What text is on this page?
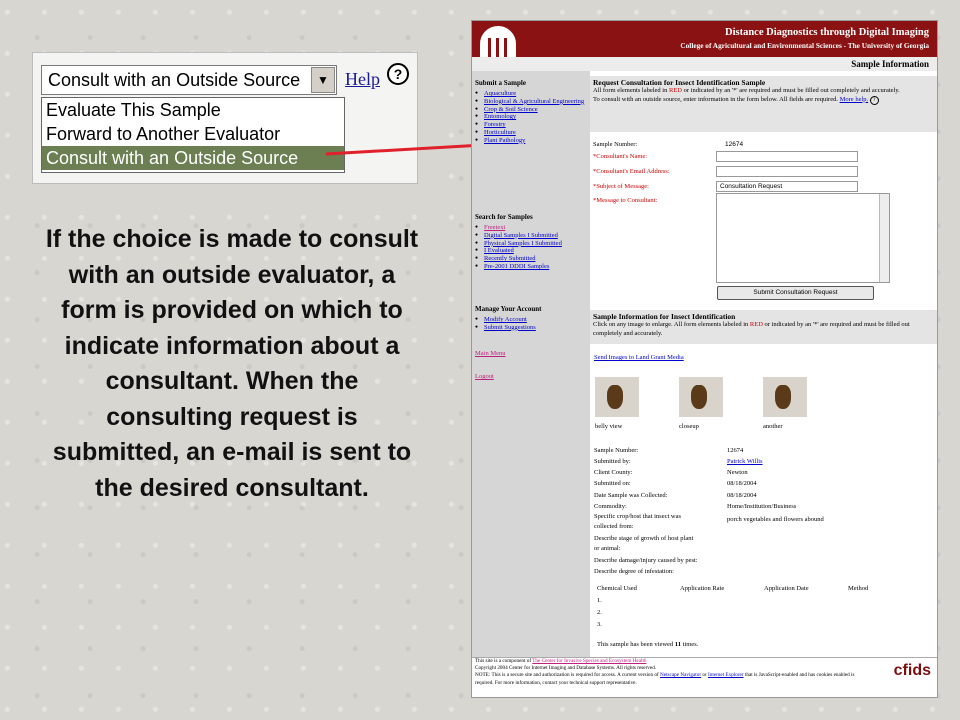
Consult with an Outside Source	▼ Help ?
Evaluate This Sample
Forward to Another Evaluator
Consult with an Outside Source
If the choice is made to consult with an outside evaluator, a form is provided on which to indicate information about a consultant. When the consulting request is submitted, an e-mail is sent to the desired consultant.
Distance Diagnostics through Digital Imaging
College of Agricultural and Environmental Sciences - The University of Georgia
Sample Information
Submit a Sample
● Aquaculture
● Biological & Agricultural Engineering
● Crop & Soil Science
● Entomology
● Forestry
● Horticulture
● Plant Pathology
Search for Samples
● Freetext
● Digital Samples I Submitted
● Physical Samples I Submitted
● I Evaluated
● Recently Submitted
● Pre-2001 DDDI Samples
Manage Your Account
● Modify Account
● Submit Suggestions
Main Menu
Logout
Request Consultation for Insect Identification Sample
All form elements labeled in RED or indicated by an '*' are required and must be filled out completely and accurately.
To consult with an outside source, enter information in the form below. All fields are required. More help. ?
Sample Number:	12674
*Consultant's Name:
*Consultant's Email Address:
*Subject of Message:	Consultation Request
*Message to Consultant:
Submit Consultation Request
Sample Information for Insect Identification
Click on any image to enlarge. All form elements labeled in RED or indicated by an '*' are required and must be filled out completely and accurately.
Send Images to Land Grant Media
belly view	closeup	another
Sample Number:	12674
Submitted by:	Patrick Willis
Client County:	Newton
Submitted on:	08/18/2004
Date Sample was Collected:	08/18/2004
Commodity:	Home/Institution/Business
Specific crop/host that insect was	porch vegetables and flowers abound
collected from:
Describe stage of growth of host plant
or animal:
Describe damage/injury caused by pest:
Describe degree of infestation:
Chemical Used	Application Rate	Application Date	Method
1.
2.
3.
This sample has been viewed 11 times.

This site is a component of The Center for Invasive Species and Ecosystem Health

Copyright 2004 Center for Internet Imaging and Database Systems. All rights reserved.

NOTE: This is a secure site and authorization is required for access. A current version of Netscape Navigator or Internet Explorer that is JavaScript-enabled and has cookies enabled is

required. For more information, contact your technical support representative.

cfids
